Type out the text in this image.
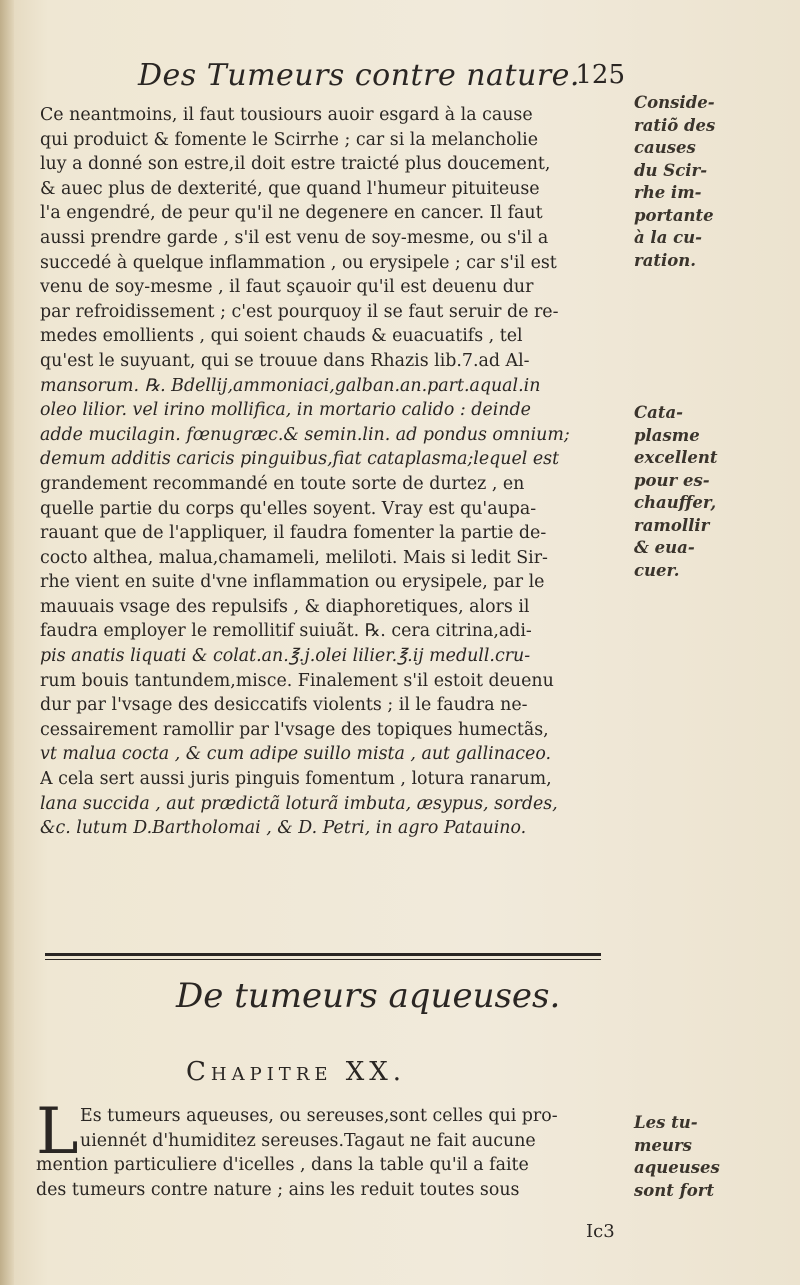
Des Tumeurs contre nature.
125
Ce neantmoins, il faut tousiours auoir esgard à la cause
qui produict & fomente le Scirrhe ; car si la melancholie
luy a donné son estre,il doit estre traicté plus doucement,
& auec plus de dexterité, que quand l'humeur pituiteuse
l'a engendré, de peur qu'il ne degenere en cancer. Il faut
aussi prendre garde , s'il est venu de soy-mesme, ou s'il a
succedé à quelque inflammation , ou erysipele ; car s'il est
venu de soy-mesme , il faut sçauoir qu'il est deuenu dur
par refroidissement ; c'est pourquoy il se faut seruir de re-
medes emollients , qui soient chauds & euacuatifs , tel
qu'est le suyuant, qui se trouue dans Rhazis lib.7.ad Al-
mansorum. ℞. Bdellij,ammoniaci,galban.an.part.aqual.in
oleo lilior. vel irino mollifica, in mortario calido : deinde
adde mucilagin. fœnugræc.& semin.lin. ad pondus omnium;
demum additis caricis pinguibus,fiat cataplasma;lequel est
grandement recommandé en toute sorte de durtez , en
quelle partie du corps qu'elles soyent. Vray est qu'aupa-
rauant que de l'appliquer, il faudra fomenter la partie de-
cocto althea, malua,chamameli, meliloti. Mais si ledit Sir-
rhe vient en suite d'vne inflammation ou erysipele, par le
mauuais vsage des repulsifs , & diaphoretiques, alors il
faudra employer le remollitif suiuãt. ℞. cera citrina,adi-
pis anatis liquati & colat.an.℥.j.olei lilier.℥.ij medull.cru-
rum bouis tantundem,misce. Finalement s'il estoit deuenu
dur par l'vsage des desiccatifs violents ; il le faudra ne-
cessairement ramollir par l'vsage des topiques humectãs,
vt malua cocta , & cum adipe suillo mista , aut gallinaceo.
A cela sert aussi juris pinguis fomentum , lotura ranarum,
lana succida , aut prædictã loturã imbuta, æsypus, sordes,
&c. lutum D.Bartholomai , & D. Petri, in agro Patauino.
Conside-
ratiõ des
causes
du Scir-
rhe im-
portante
à la cu-
ration.
Cata-
plasme
excellent
pour es-
chauffer,
ramollir
& eua-
cuer.
De tumeurs aqueuses.
Chapitre XX.
L Es tumeurs aqueuses, ou sereuses,sont celles qui pro-
uiennét d'humiditez sereuses.Tagaut ne fait aucune
mention particuliere d'icelles , dans la table qu'il a faite
des tumeurs contre nature ; ains les reduit toutes sous
Les tu-
meurs
aqueuses
sont fort
Ic3
